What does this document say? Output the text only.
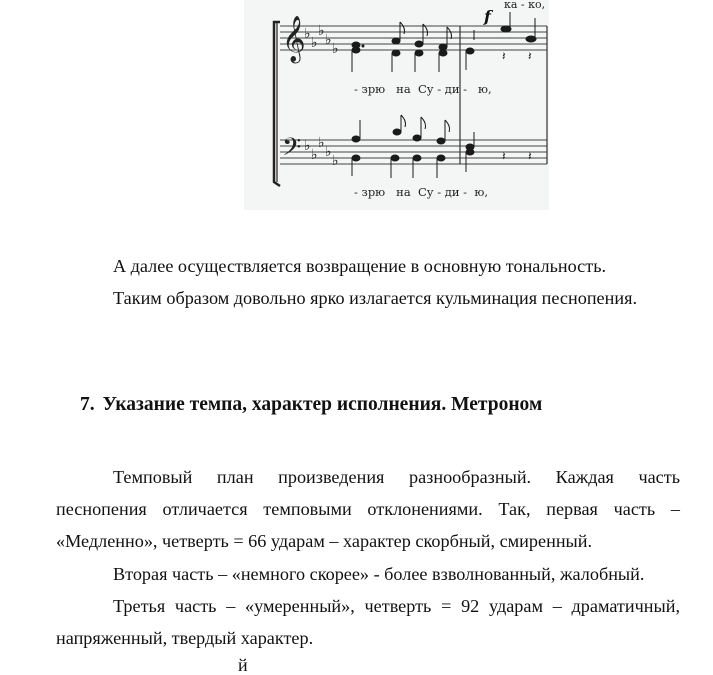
𝄞
𝄢
♭
♭
♭
♭
♭
♭
♭
♭
♭
♭
𝄽 𝄽
f
ка - ко,
- зрю   на  Су - ди -   ю,
𝄽 𝄽
- зрю   на  Су - ди -  ю,
А далее осуществляется возвращение в основную тональность.
Таким образом довольно ярко излагается кульминация песнопения.
7. Указание темпа, характер исполнения. Метроном
Темповый план произведения разнообразный. Каждая часть
песнопения отличается темповыми отклонениями. Так, первая часть –
«Медленно», четверть = 66 ударам – характер скорбный, смиренный.
Вторая часть – «немного скорее» - более взволнованный, жалобный.
Третья часть – «умеренный», четверть = 92 ударам – драматичный,
напряженный, твердый характер.
й
